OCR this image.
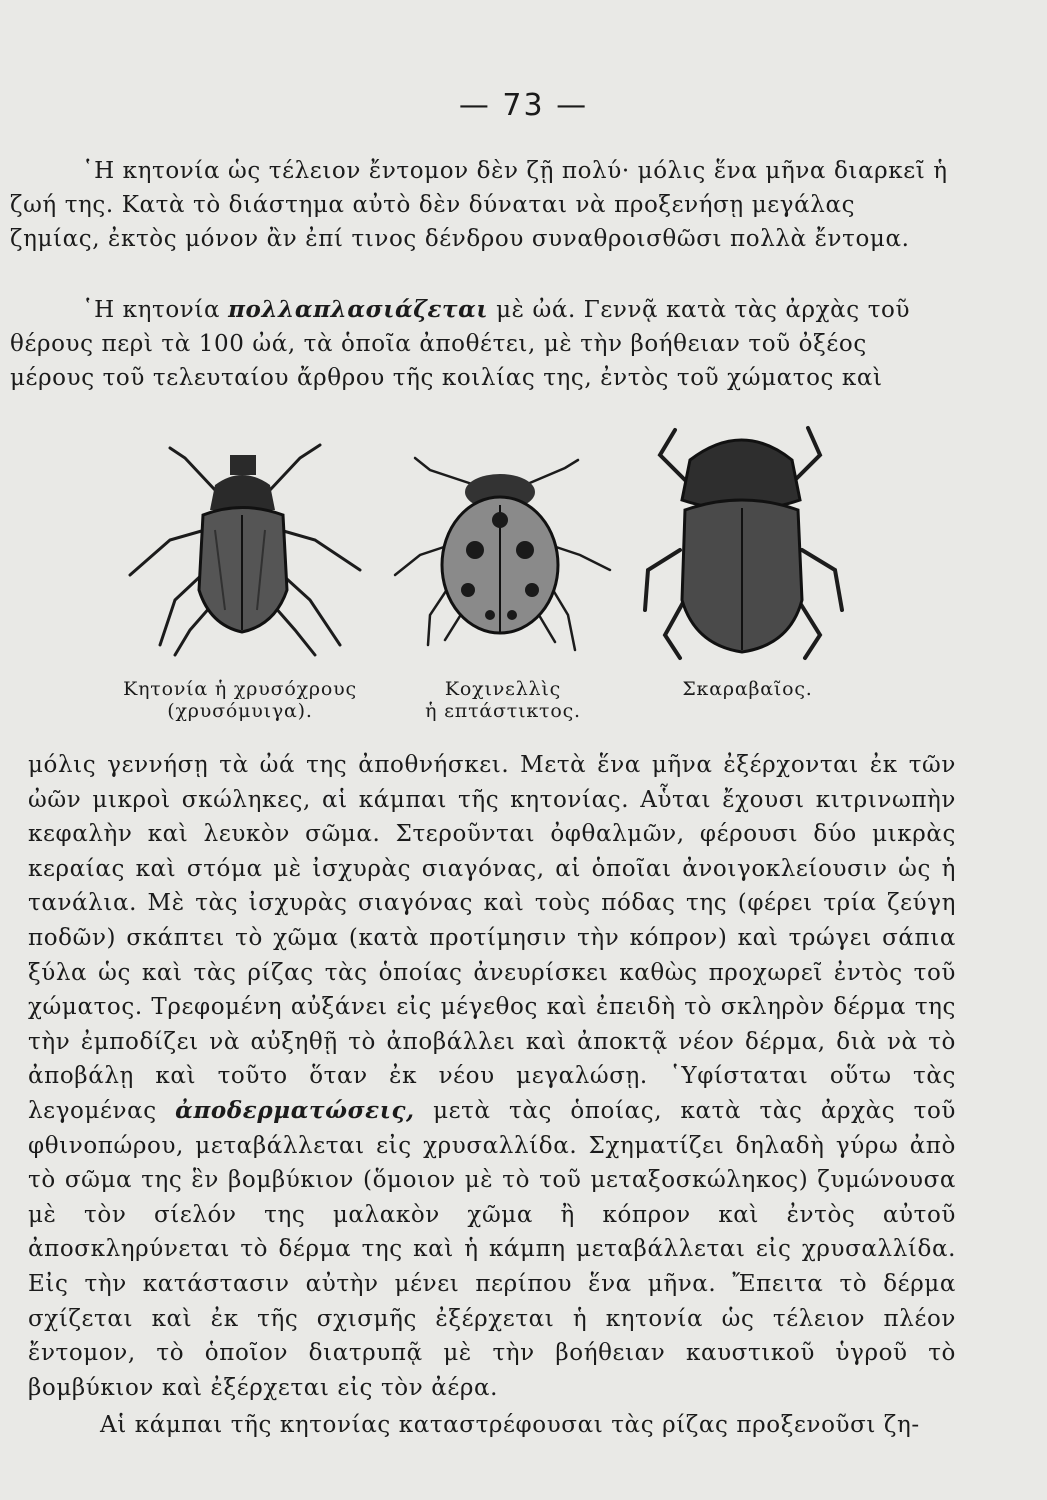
— 73 —

῾Η κητονία ὡς τέλειον ἔντομον δὲν ζῇ πολύ· μόλις ἕνα μῆνα διαρκεῖ ἡ ζωή της. Κατὰ τὸ διάστημα αὐτὸ δὲν δύναται νὰ προξενήσῃ μεγάλας ζημίας, ἐκτὸς μόνον ἂν ἐπί τινος δένδρου συναθροισθῶσι πολλὰ ἔντομα.

῾Η κητονία πολλαπλασιάζεται μὲ ὠά. Γεννᾷ κατὰ τὰς ἀρχὰς τοῦ θέρους περὶ τὰ 100 ὠά, τὰ ὁποῖα ἀποθέτει, μὲ τὴν βοήθειαν τοῦ ὀξέος μέρους τοῦ τελευταίου ἄρθρου τῆς κοιλίας της, ἐντὸς τοῦ χώματος καὶ

Κητονία ἡ χρυσόχρους
(χρυσόμυιγα).
Κοχινελλὶς
ἡ επτάστικτος.
Σκαραβαῖος.

μόλις γεννήσῃ τὰ ὠά της ἀποθνήσκει. Μετὰ ἕνα μῆνα ἐξέρχονται ἐκ τῶν ὠῶν μικροὶ σκώληκες, αἱ κάμπαι τῆς κητονίας. Αὗται ἔχουσι κιτρινωπὴν κεφαλὴν καὶ λευκὸν σῶμα. Στεροῦνται ὀφθαλμῶν, φέρουσι δύο μικρὰς κεραίας καὶ στόμα μὲ ἰσχυρὰς σιαγόνας, αἱ ὁποῖαι ἀνοιγοκλείουσιν ὡς ἡ τανάλια. Μὲ τὰς ἰσχυρὰς σιαγόνας καὶ τοὺς πόδας της (φέρει τρία ζεύγη ποδῶν) σκάπτει τὸ χῶμα (κατὰ προτίμησιν τὴν κόπρον) καὶ τρώγει σάπια ξύλα ὡς καὶ τὰς ρίζας τὰς ὁποίας ἀνευρίσκει καθὼς προχωρεῖ ἐντὸς τοῦ χώματος. Τρεφομένη αὐξάνει εἰς μέγεθος καὶ ἐπειδὴ τὸ σκληρὸν δέρμα της τὴν ἐμποδίζει νὰ αὐξηθῇ τὸ ἀποβάλλει καὶ ἀποκτᾷ νέον δέρμα, διὰ νὰ τὸ ἀποβάλῃ καὶ τοῦτο ὅταν ἐκ νέου μεγαλώσῃ. ῾Υφίσταται οὕτω τὰς λεγομένας ἀποδερματώσεις, μετὰ τὰς ὁποίας, κατὰ τὰς ἀρχὰς τοῦ φθινοπώρου, μεταβάλλεται εἰς χρυσαλλίδα. Σχηματίζει δηλαδὴ γύρω ἀπὸ τὸ σῶμα της ἓν βομβύκιον (ὅμοιον μὲ τὸ τοῦ μεταξοσκώληκος) ζυμώνουσα μὲ τὸν σίελόν της μαλακὸν χῶμα ἢ κόπρον καὶ ἐντὸς αὐτοῦ ἀποσκληρύνεται τὸ δέρμα της καὶ ἡ κάμπη μεταβάλλεται εἰς χρυσαλλίδα. Εἰς τὴν κατάστασιν αὐτὴν μένει περίπου ἕνα μῆνα. Ἔπειτα τὸ δέρμα σχίζεται καὶ ἐκ τῆς σχισμῆς ἐξέρχεται ἡ κητονία ὡς τέλειον πλέον ἔντομον, τὸ ὁποῖον διατρυπᾷ μὲ τὴν βοήθειαν καυστικοῦ ὑγροῦ τὸ βομβύκιον καὶ ἐξέρχεται εἰς τὸν ἀέρα.

Αἱ κάμπαι τῆς κητονίας καταστρέφουσαι τὰς ρίζας προξενοῦσι ζη-
